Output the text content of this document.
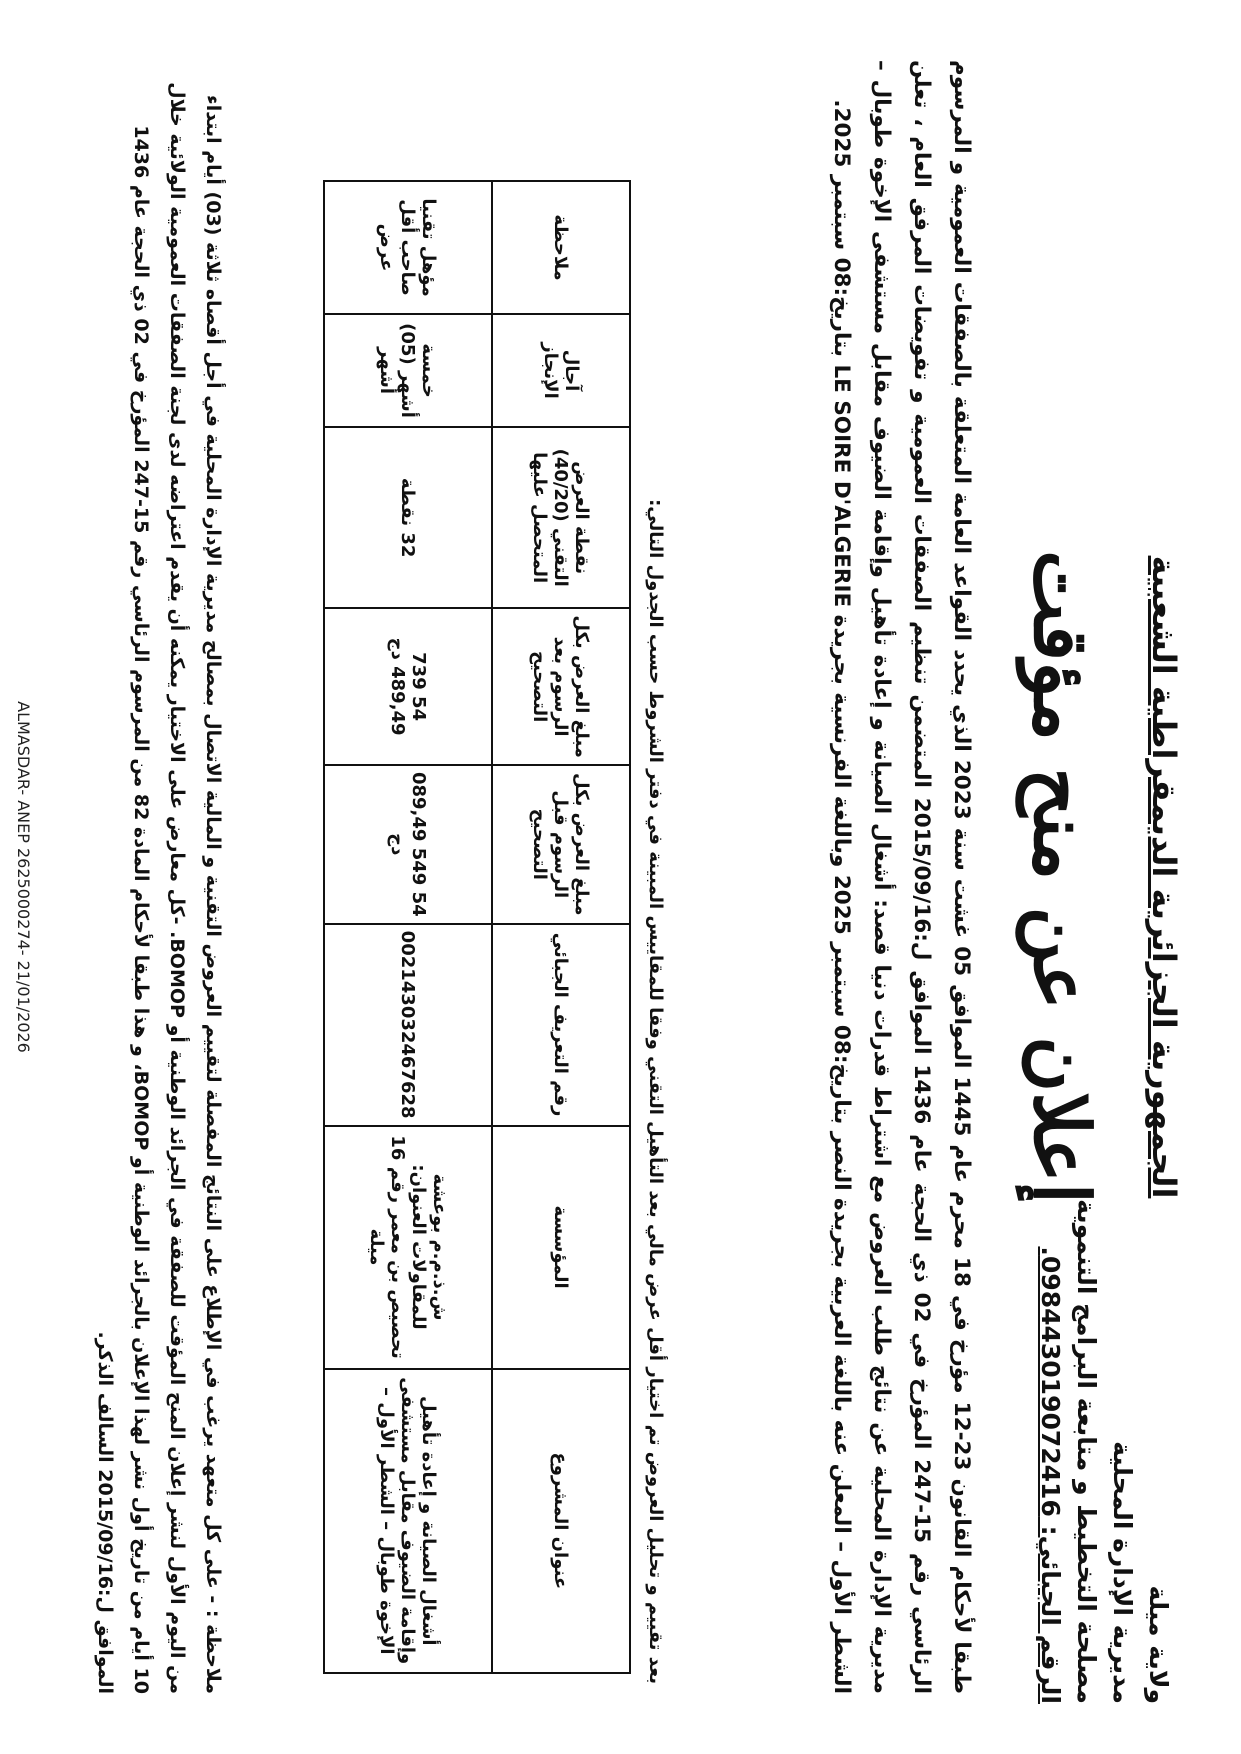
ولاية ميلة
مديرية الإدارة المحلية
مصلحة التخطيط و متابعة البرامج التنموية
الرقم الجبائي: 098443019072416.
الجمهورية الجزائرية الديمقراطية الشعبية
إعلان عن منح مؤقت
طبقا لأحكام القانون 23-12 مؤرخ في 18 محرم عام 1445 الموافق 05 غشت سنة 2023 الذي يحدد القواعد العامة المتعلقة بالصفقات العمومية و المرسوم الرئاسي رقم 15-247 المؤرخ في 02 ذي الحجة عام 1436 الموافق ل:2015/09/16 المتضمن تنظيم الصفقات العمومية و تفويضات المرفق العام ، تعلن مديرية الإدارة المحلية عن نتائج طلب العروض مع اشتراط قدرات دنيا قصد: أشغال الصيانة و إعادة تأهيل وإقامة الضيوف مقابل مستشفى الإخوة طوبال – الشطر الأول – المعلن عنه باللغة العربية بجريدة النصر بتاريخ:08 سبتمبر 2025 وباللغة الفرنسية بجريدة LE SOIRE D'ALGERIE بتاريخ:08 سبتمبر 2025.
بعد تقييم و تحليل العروض تم اختيار أقل عرض مالي بعد التأهيل التقني وفقا للمقاييس المبينة في دفتر الشروط حسب الجدول التالي:
عنوان المشروع	المؤسسة	رقم التعريف الجبائي	مبلغ العرض بكل الرسوم قبل التصحيح	مبلغ العرض بكل الرسوم بعد التصحيح	نقطة العرض التقني (40/20) المتحصل عليها	آجال الإنجاز	ملاحظة
أشغال الصيانة و إعادة تأهيل وإقامة الضيوف مقابل مستشفى الإخوة طوبال – الشطر الأول –	ش.ذ.م.م بوعشة للمقاولات العنوان: تحصيص بن معمر رقم 16 ميلة	002143032467628	54 549 089,49 دج	54 739 489,49 دج	32 نقطة	خمسة أشهر (05) أشهر	مؤهل تقنيا صاحب أقل عرض
ملاحظة : - على كل متعهد يرغب في الإطلاع على النتائج المفصلة لتقييم العروض التقنية و المالية الاتصال بمصالح مديرية الإدارة المحلية في أجل أقصاه ثلاثة (03) أيام ابتداء من اليوم الأول لنشر إعلان المنح المؤقت للصفقة في الجرائد الوطنية أو BOMOP. -كل معارض على الاختيار يمكنه أن يقدم اعتراضه لدى لجنة الصفقات العمومية الولائية خلال 10 أيام من تاريخ أول نشر لهذا الإعلان بالجرائد الوطنية أو BOMOP، و هذا طبقا لأحكام المادة 82 من المرسوم الرئاسي رقم 15-247 المؤرخ في 02 ذي الحجة عام 1436 الموافق ل:2015/09/16 السالف الذكر.
ALMASDAR- ANEP 2625000274- 21/01/2026
